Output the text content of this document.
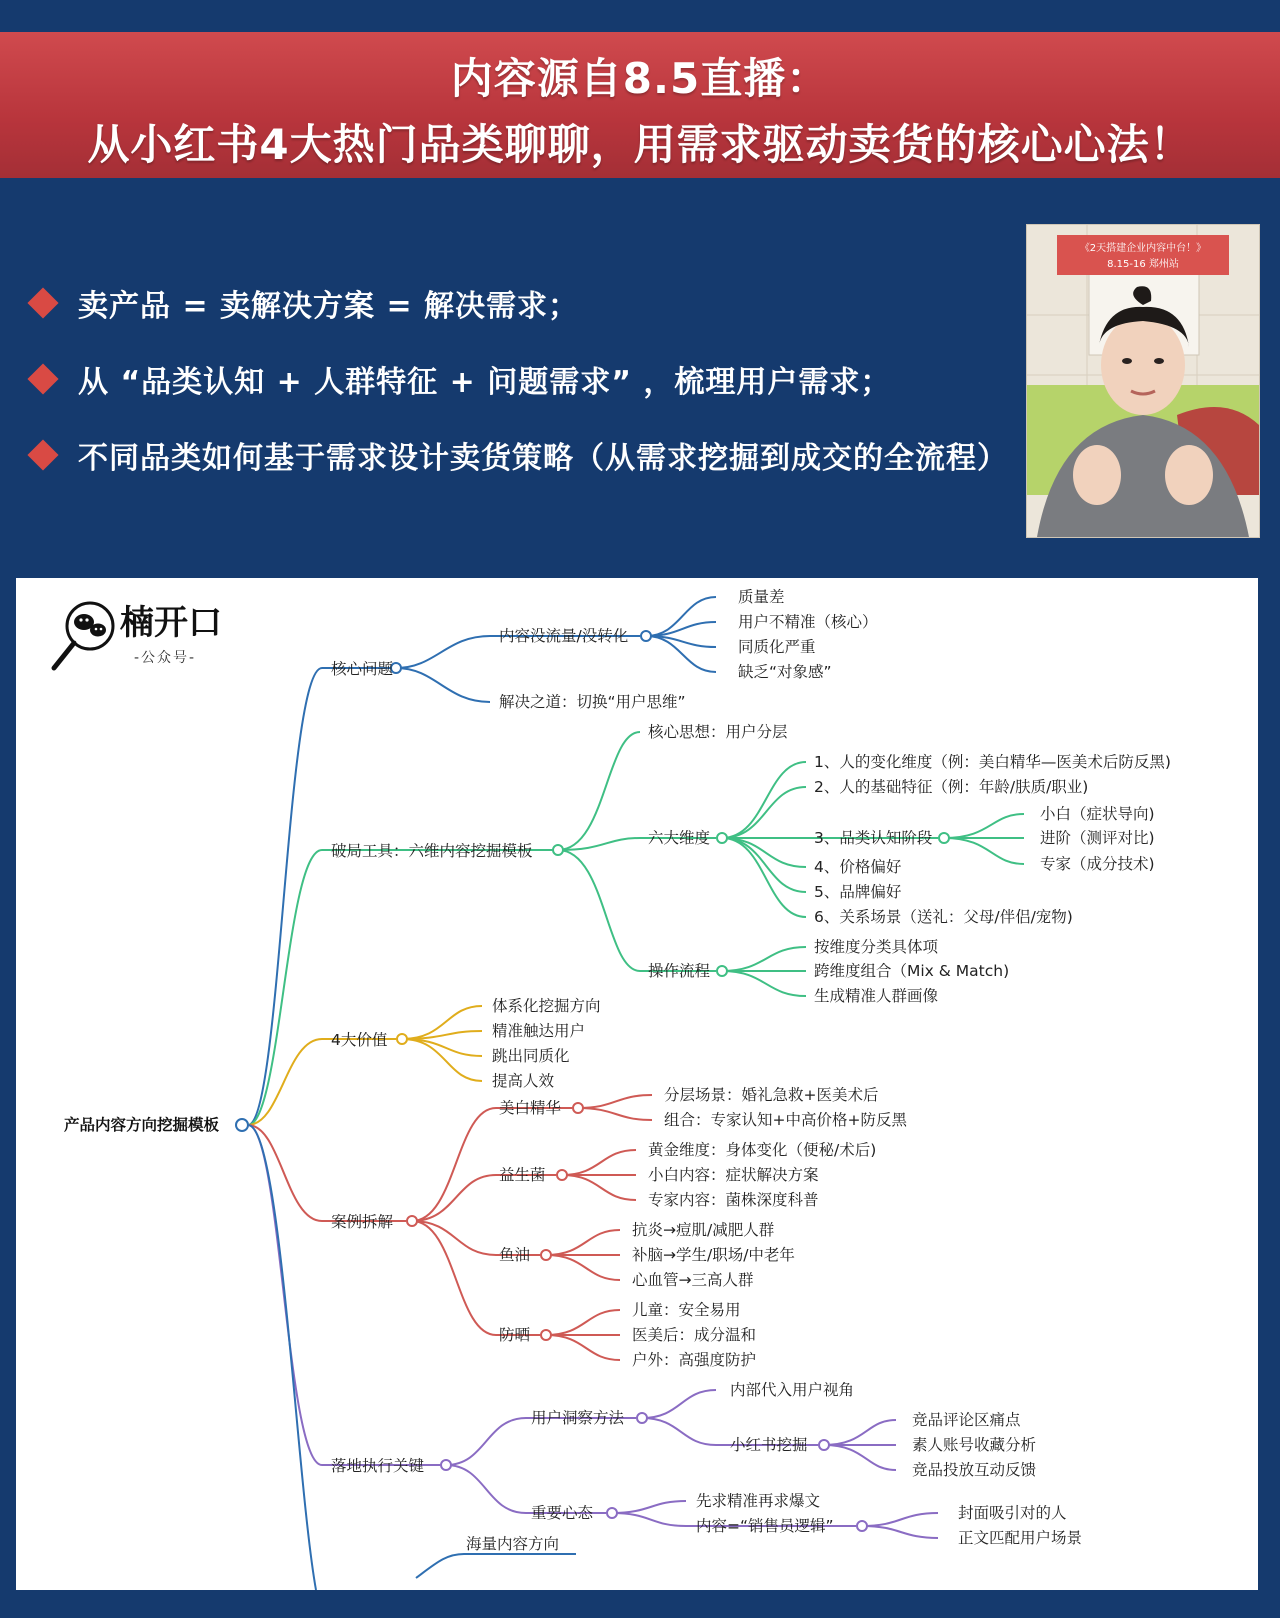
内容源自8.5直播：
从小红书4大热门品类聊聊，用需求驱动卖货的核心心法！
卖产品 = 卖解决方案 = 解决需求；
从 “品类认知 + 人群特征 + 问题需求” ，梳理用户需求；
不同品类如何基于需求设计卖货策略（从需求挖掘到成交的全流程）
《2天搭建企业内容中台！》
8.15-16 郑州站
楠开口
-公众号-
产品内容方向挖掘模板
核心问题
内容没流量/没转化
解决之道：切换“用户思维”
质量差
用户不精准（核心）
同质化严重
缺乏“对象感”
破局工具：六维内容挖掘模板
核心思想：用户分层
六大维度
操作流程
1、人的变化维度（例：美白精华—医美术后防反黑)
2、人的基础特征（例：年龄/肤质/职业)
3、品类认知阶段
4、价格偏好
5、品牌偏好
6、关系场景（送礼：父母/伴侣/宠物)
小白（症状导向)
进阶（测评对比)
专家（成分技术)
按维度分类具体项
跨维度组合（Mix & Match)
生成精准人群画像
4大价值
体系化挖掘方向
精准触达用户
跳出同质化
提高人效
案例拆解
美白精华
益生菌
鱼油
防晒
分层场景：婚礼急救+医美术后
组合：专家认知+中高价格+防反黑
黄金维度：身体变化（便秘/术后)
小白内容：症状解决方案
专家内容：菌株深度科普
抗炎→痘肌/减肥人群
补脑→学生/职场/中老年
心血管→三高人群
儿童：安全易用
医美后：成分温和
户外：高强度防护
落地执行关键
用户洞察方法
重要心态
内部代入用户视角
小红书挖掘
竞品评论区痛点
素人账号收藏分析
竞品投放互动反馈
先求精准再求爆文
内容=“销售员逻辑”
封面吸引对的人
正文匹配用户场景
海量内容方向
